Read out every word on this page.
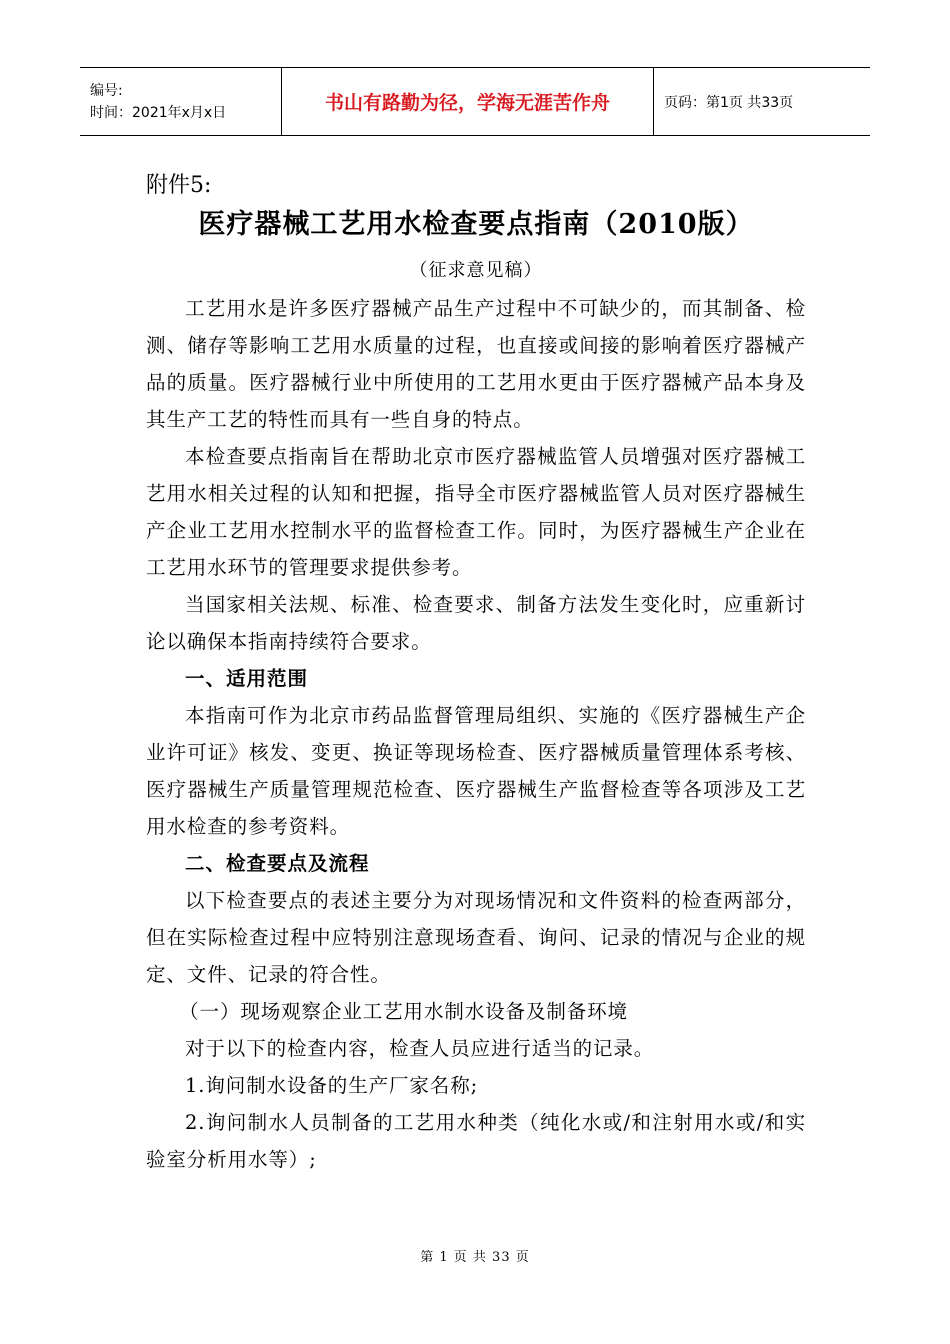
编号:
时间：2021年x月x日	书山有路勤为径，学海无涯苦作舟	页码：第1页 共33页
附件5:
医疗器械工艺用水检查要点指南（2010版）
（征求意见稿）

工艺用水是许多医疗器械产品生产过程中不可缺少的，而其制备、检测、储存等影响工艺用水质量的过程，也直接或间接的影响着医疗器械产品的质量。医疗器械行业中所使用的工艺用水更由于医疗器械产品本身及其生产工艺的特性而具有一些自身的特点。

本检查要点指南旨在帮助北京市医疗器械监管人员增强对医疗器械工艺用水相关过程的认知和把握，指导全市医疗器械监管人员对医疗器械生产企业工艺用水控制水平的监督检查工作。同时，为医疗器械生产企业在工艺用水环节的管理要求提供参考。

当国家相关法规、标准、检查要求、制备方法发生变化时，应重新讨论以确保本指南持续符合要求。

一、适用范围

本指南可作为北京市药品监督管理局组织、实施的《医疗器械生产企业许可证》核发、变更、换证等现场检查、医疗器械质量管理体系考核、医疗器械生产质量管理规范检查、医疗器械生产监督检查等各项涉及工艺用水检查的参考资料。

二、检查要点及流程

以下检查要点的表述主要分为对现场情况和文件资料的检查两部分，但在实际检查过程中应特别注意现场查看、询问、记录的情况与企业的规定、文件、记录的符合性。

（一）现场观察企业工艺用水制水设备及制备环境

对于以下的检查内容，检查人员应进行适当的记录。

1.询问制水设备的生产厂家名称;

2.询问制水人员制备的工艺用水种类（纯化水或/和注射用水或/和实验室分析用水等）;

第 1 页 共 33 页
